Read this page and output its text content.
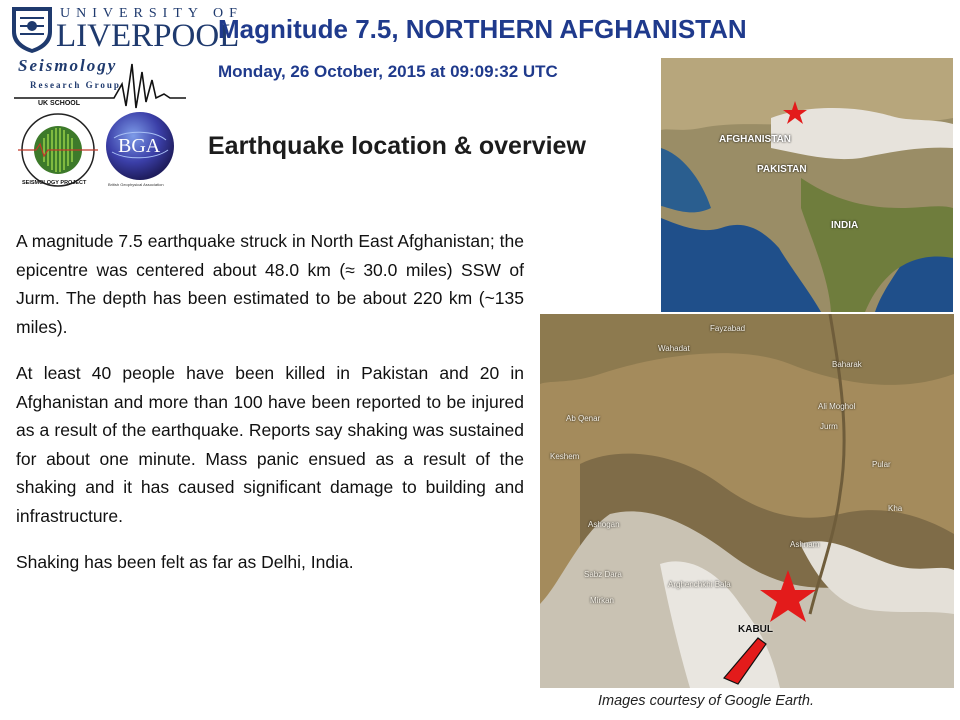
UNIVERSITY OF
LIVERPOOL
Seismology
Research Group
UK SCHOOL
SEISMOLOGY PROJECT
BGA
British Geophysical Association
Magnitude 7.5, NORTHERN AFGHANISTAN
Monday, 26 October, 2015 at 09:09:32 UTC
Earthquake location & overview

A magnitude 7.5 earthquake struck in North East Afghanistan; the epicentre was centered about 48.0 km (≈ 30.0 miles) SSW of Jurm. The depth has been estimated to be about 220 km (~135 miles).

At least 40 people have been killed in Pakistan and 20 in Afghanistan and more than 100 have been reported to be injured as a result of the earthquake. Reports say shaking was sustained for about one minute. Mass panic ensued as a result of the shaking and it has caused significant damage to building and infrastructure.

Shaking has been felt as far as Delhi, India.

AFGHANISTAN
PAKISTAN
INDIA
KABUL
Fayzabad
Wahadat
Baharak
Ab Qenar
Ali Moghol
Jurm
Keshem
Pular
Kha
Ashogan
Ashnam
Sabz Dara
Arghenchkhi Bala
Mirkan
Images courtesy of Google Earth.
